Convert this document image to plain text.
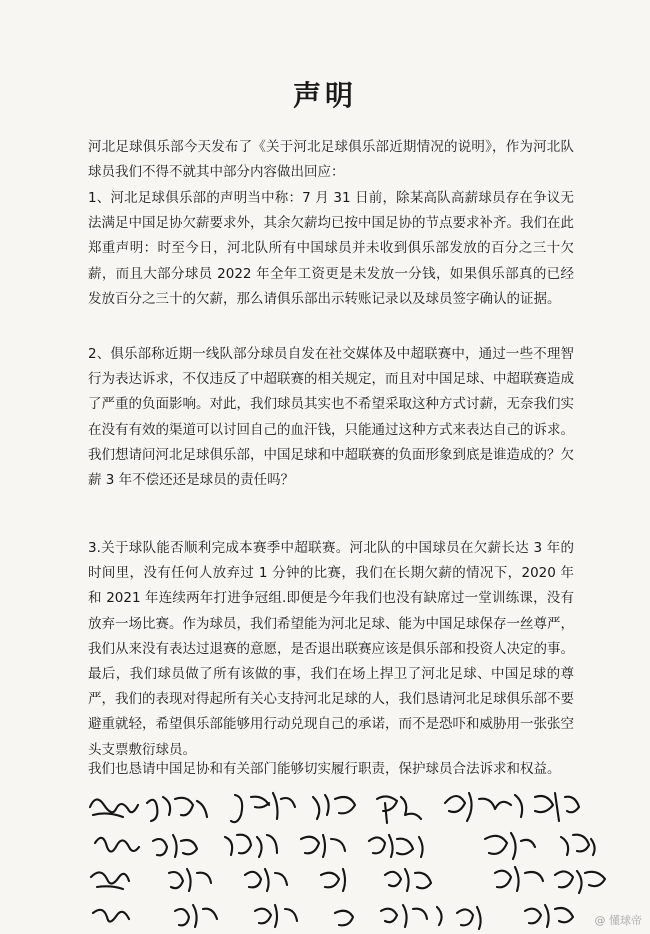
声明

河北足球俱乐部今天发布了《关于河北足球俱乐部近期情况的说明》，作为河北队球员我们不得不就其中部分内容做出回应：

1、河北足球俱乐部的声明当中称：7 月 31 日前，除某高队高薪球员存在争议无法满足中国足协欠薪要求外，其余欠薪均已按中国足协的节点要求补齐。我们在此郑重声明：时至今日，河北队所有中国球员并未收到俱乐部发放的百分之三十欠薪，而且大部分球员 2022 年全年工资更是未发放一分钱，如果俱乐部真的已经发放百分之三十的欠薪，那么请俱乐部出示转账记录以及球员签字确认的证据。

2、俱乐部称近期一线队部分球员自发在社交媒体及中超联赛中，通过一些不理智行为表达诉求，不仅违反了中超联赛的相关规定，而且对中国足球、中超联赛造成了严重的负面影响。对此，我们球员其实也不希望采取这种方式讨薪，无奈我们实在没有有效的渠道可以讨回自己的血汗钱，只能通过这种方式来表达自己的诉求。我们想请问河北足球俱乐部，中国足球和中超联赛的负面形象到底是谁造成的？欠薪 3 年不偿还还是球员的责任吗？

3.关于球队能否顺利完成本赛季中超联赛。河北队的中国球员在欠薪长达 3 年的时间里，没有任何人放弃过 1 分钟的比赛，我们在长期欠薪的情况下，2020 年和 2021 年连续两年打进争冠组.即便是今年我们也没有缺席过一堂训练课，没有放弃一场比赛。作为球员，我们希望能为河北足球、能为中国足球保存一丝尊严，我们从来没有表达过退赛的意愿，是否退出联赛应该是俱乐部和投资人决定的事。最后，我们球员做了所有该做的事，我们在场上捍卫了河北足球、中国足球的尊严，我们的表现对得起所有关心支持河北足球的人，我们恳请河北足球俱乐部不要避重就轻，希望俱乐部能够用行动兑现自己的承诺，而不是恐吓和威胁用一张张空头支票敷衍球员。

我们也恳请中国足协和有关部门能够切实履行职责，保护球员合法诉求和权益。

@ 懂球帝
